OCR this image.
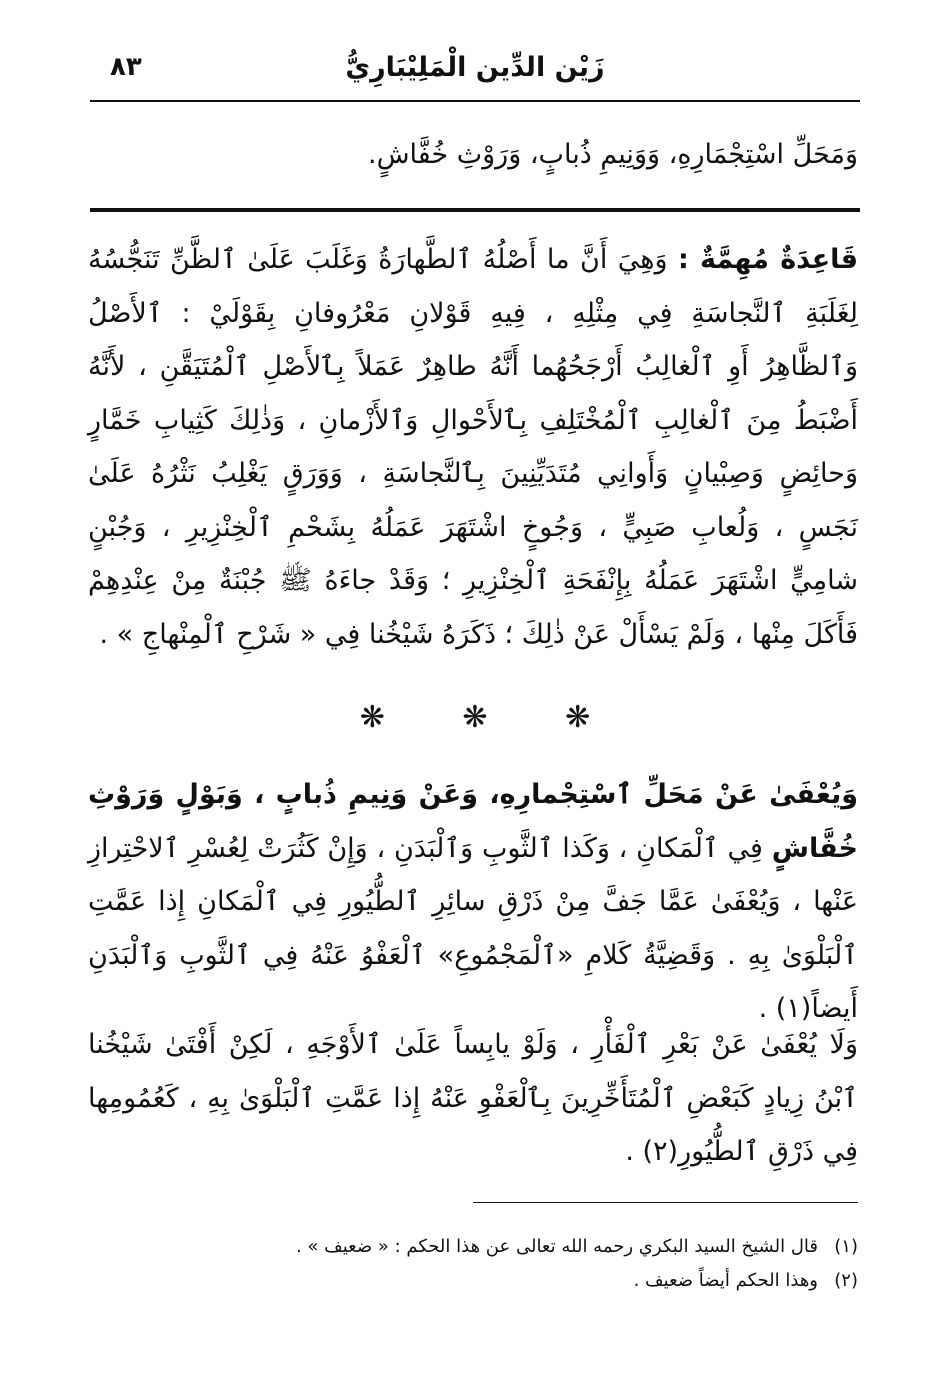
زَيْن الدِّين الْمَلِيْبَارِيُّ
٨٣
وَمَحَلِّ اسْتِجْمَارِهِ، وَوَنِيمِ ذُبابٍ، وَرَوْثِ خُفَّاشٍ.
قَاعِدَةٌ مُهِمَّةٌ : وَهِيَ أَنَّ ما أَصْلُهُ ٱلطَّهارَةُ وَغَلَبَ عَلَىٰ ٱلظَّنِّ تَنَجُّسُهُ لِغَلَبَةِ ٱلنَّجاسَةِ فِي مِثْلِهِ ، فِيهِ قَوْلانِ مَعْرُوفانِ بِقَوْلَيْ : ٱلأَصْلُ وَٱلظَّاهِرُ أَوِ ٱلْغالِبُ أَرْجَحُهُما أَنَّهُ طاهِرٌ عَمَلاً بِٱلأَصْلِ ٱلْمُتَيَقَّنِ ، لأَنَّهُ أَضْبَطُ مِنَ ٱلْغالِبِ ٱلْمُخْتَلِفِ بِٱلأَحْوالِ وَٱلأَزْمانِ ، وَذٰلِكَ كَثِيابِ خَمَّارٍ وَحائِضٍ وَصِبْيانٍ وَأَوانِي مُتَدَيِّنِينَ بِٱلنَّجاسَةِ ، وَوَرَقٍ يَغْلِبُ نَثْرُهُ عَلَىٰ نَجَسٍ ، وَلُعابِ صَبِيٍّ ، وَجُوخٍ اشْتَهَرَ عَمَلُهُ بِشَحْمِ ٱلْخِنْزِيرِ ، وَجُبْنٍ شامِيٍّ اشْتَهَرَ عَمَلُهُ بِإِنْفَحَةِ ٱلْخِنْزِيرِ ؛ وَقَدْ جاءَهُ ﷺ جُبْنَةٌ مِنْ عِنْدِهِمْ فَأَكَلَ مِنْها ، وَلَمْ يَسْأَلْ عَنْ ذٰلِكَ ؛ ذَكَرَهُ شَيْخُنا فِي « شَرْحِ ٱلْمِنْهاجِ » .
❋ ❋ ❋
وَيُعْفَىٰ عَنْ مَحَلِّ ٱسْتِجْمارِهِ، وَعَنْ وَنِيمِ ذُبابٍ ، وَبَوْلٍ وَرَوْثِ خُفَّاشٍ فِي ٱلْمَكانِ ، وَكَذا ٱلثَّوبِ وَٱلْبَدَنِ ، وَإِنْ كَثُرَتْ لِعُسْرِ ٱلاحْتِرازِ عَنْها ، وَيُعْفَىٰ عَمَّا جَفَّ مِنْ ذَرْقِ سائِرِ ٱلطُّيُورِ فِي ٱلْمَكانِ إِذا عَمَّتِ ٱلْبَلْوَىٰ بِهِ . وَقَضِيَّةُ كَلامِ «ٱلْمَجْمُوعِ» ٱلْعَفْوُ عَنْهُ فِي ٱلثَّوبِ وَٱلْبَدَنِ أَيضاً(١) .
وَلَا يُعْفَىٰ عَنْ بَعْرِ ٱلْفَأْرِ ، وَلَوْ يابِساً عَلَىٰ ٱلأَوْجَهِ ، لَكِنْ أَفْتَىٰ شَيْخُنا ٱبْنُ زِيادٍ كَبَعْضِ ٱلْمُتَأَخِّرِينَ بِٱلْعَفْوِ عَنْهُ إِذا عَمَّتِ ٱلْبَلْوَىٰ بِهِ ، كَعُمُومِها فِي ذَرْقِ ٱلطُّيُورِ(٢) .
(١)
قال الشيخ السيد البكري رحمه الله تعالى عن هذا الحكم : « ضعيف » .
(٢)
وهذا الحكم أيضاً ضعيف .
